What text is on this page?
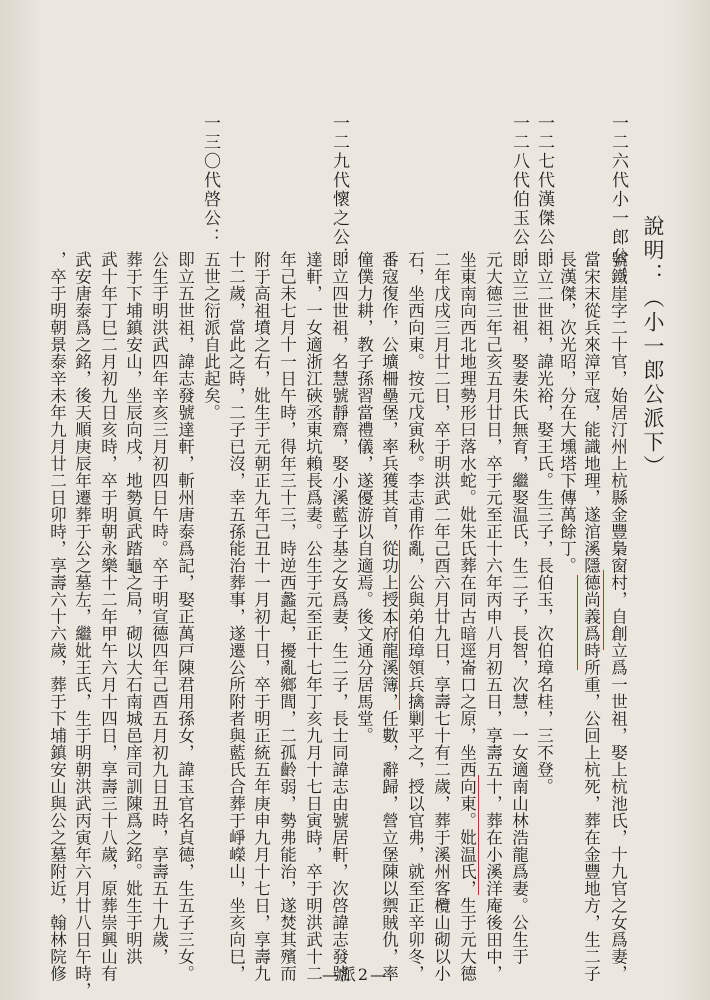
說明：（小一郎公派下）
一二六代小一郎公：
號鐵崖字二十官，始居汀州上杭縣金豐梟窗村，自創立爲一世祖，娶上杭池氏，十九官之女爲妻，
當宋末從兵來漳平寇，能識地理，遂涫溪隱德尚義爲時所重，公回上杭死，葬在金豐地方，生二子
長漢傑，次光昭，分在大壎塔下傳萬餘丁。
一二七代漢傑公：
即立二世祖，諱光裕，娶王氏。生三子，長伯玉，次伯璋名桂，三不登。
一二八代伯玉公：
即立三世祖，娶妻朱氏無育，繼娶温氏，生二子，長智，次慧，一女適南山林浩龍爲妻。公生于
元大德三年己亥五月廿日，卒于元至正十六年丙申八月初五日，享壽五十，葬在小溪洋庵後田中，
坐東南向西北地理勢形曰落水蛇。妣朱氏葬在同古暗逕崙口之原，坐西向東。妣温氏，生于元大德
二年戊戌三月廿二日，卒于明洪武二年己酉六月廿九日，享壽七十有二歲，葬于溪州客欖山砌以小
石，坐西向東。按元戊寅秋。李志甫作亂，公與弟伯璋領兵擒剿平之，授以官弗，就至正辛卯冬，
番寇復作，公壙柵壘堡，率兵獲其首，從功上授本府龍溪簿，任數，辭歸，營立堡陳以禦賊仇，率
僮僕力耕，教子孫習當禮儀，遂優游以自適焉。後文通分居馬堂。
一二九代懷之公：
即立四世祖，名慧號靜齋，娶小溪藍子基之女爲妻，生二子，長士同諱志由號居軒，次啓諱志發號
達軒，一女適浙江硤丞東坑賴長爲妻。公生于元至正十七年丁亥九月十七日寅時，卒于明洪武十二
年己未七月十一日午時，得年三十三，時逆西蠡起，擾亂鄉閭，二孤齡弱，勢弗能治，遂焚其殯而
附于高祖墳之右，妣生于元朝正九年己丑十一月初十日，卒于明正統五年庚申九月十七日，享壽九
十二歲，當此之時，二子已沒，幸五孫能治葬事，遂遷公所附者與藍氏合葬于崢嶸山，坐亥向巳，
五世之衍派自此起矣。
一三〇代啓公：
即立五世祖，諱志發號達軒，斬州唐泰爲記，娶正萬戸陳君用孫女，諱玉官名貞德，生五子三女。
公生于明洪武四年辛亥三月初四日午時。卒于明宣德四年己酉五月初九日丑時，享壽五十九歲，
葬于下埔鎮安山，坐辰向戌，地勢眞武踏龜之局，砌以大石南城邑庠司訓陳爲之銘。妣生于明洪
武十年丁巳二月初九日亥時，卒于明朝永樂十二年甲午六月十四日，享壽三十八歲，原葬崇興山有
武安唐泰爲之銘，後天順庚辰年遷葬于公之墓左，繼妣王氏，生于明朝洪武丙寅年六月廿八日午時，
，卒于明朝景泰辛未年九月廿二日卯時，享壽六十六歲，葬于下埔鎮安山與公之墓附近，翰林院修	—派2—
